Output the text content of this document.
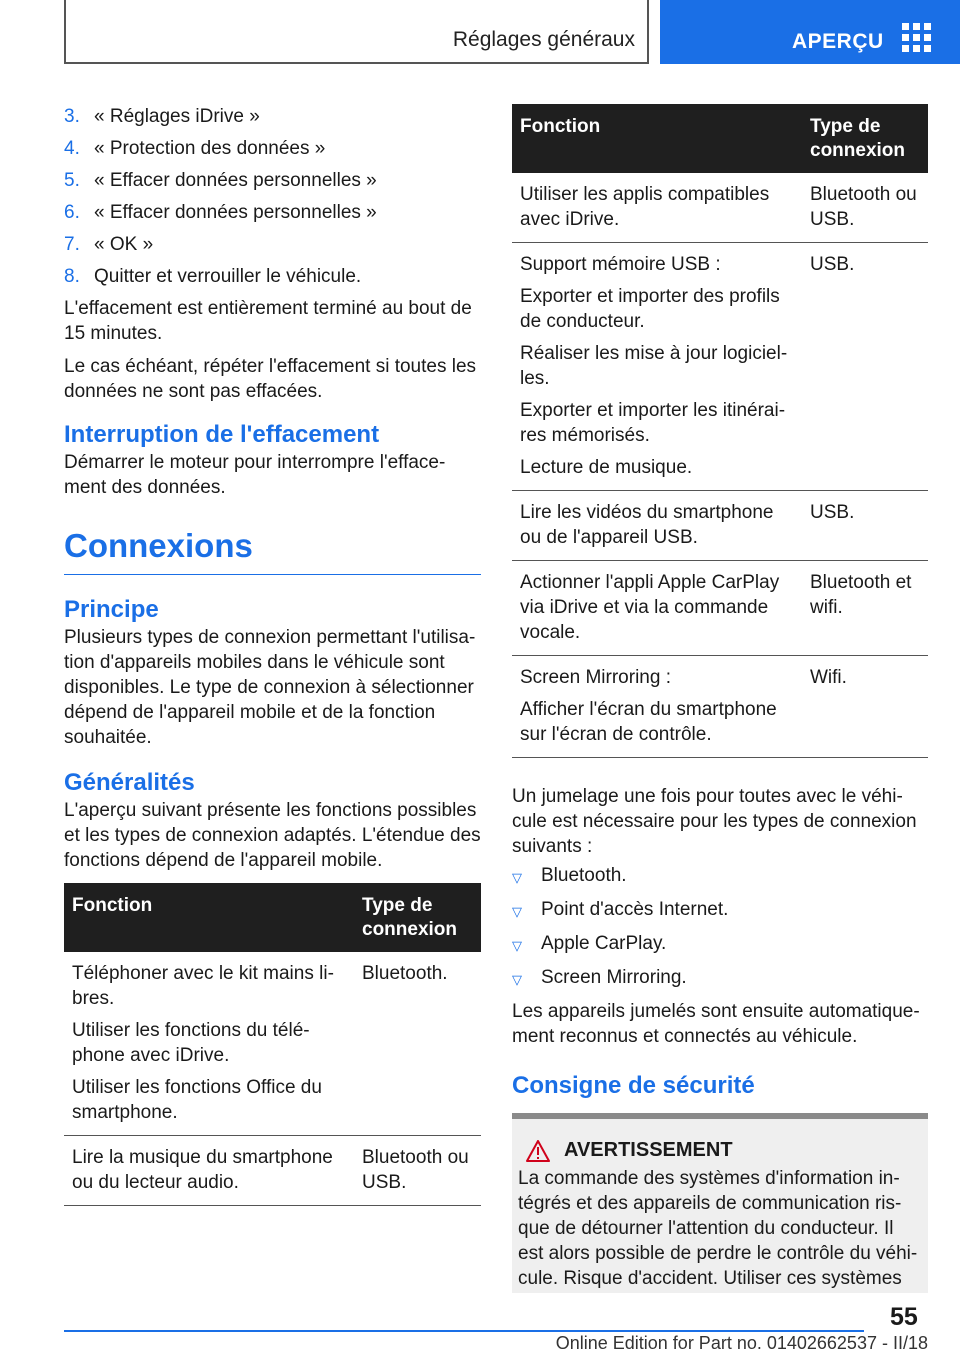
Réglages généraux	APERÇU
3. « Réglages iDrive »
4. « Protection des données »
5. « Effacer données personnelles »
6. « Effacer données personnelles »
7. « OK »
8. Quitter et verrouiller le véhicule.

L'effacement est entièrement terminé au bout de 15 minutes.

Le cas échéant, répéter l'effacement si toutes les données ne sont pas effacées.

Interruption de l'effacement

Démarrer le moteur pour interrompre l'effacement des données.

Connexions
Principe

Plusieurs types de connexion permettant l'utilisation d'appareils mobiles dans le véhicule sont disponibles. Le type de connexion à sélectionner dépend de l'appareil mobile et de la fonction souhaitée.

Généralités

L'aperçu suivant présente les fonctions possibles et les types de connexion adaptés. L'étendue des fonctions dépend de l'appareil mobile.

Fonction	Type de connexion

Téléphoner avec le kit mains libres.
Utiliser les fonctions du téléphone avec iDrive.
Utiliser les fonctions Office du smartphone.	Bluetooth.

Lire la musique du smartphone ou du lecteur audio.	Bluetooth ou USB.
Fonction	Type de connexion

Utiliser les applis compatibles avec iDrive.	Bluetooth ou USB.

Support mémoire USB :
Exporter et importer des profils de conducteur.
Réaliser les mise à jour logicielles.
Exporter et importer les itinéraires mémorisés.
Lecture de musique.	USB.

Lire les vidéos du smartphone ou de l'appareil USB.	USB.

Actionner l'appli Apple CarPlay via iDrive et via la commande vocale.	Bluetooth et wifi.

Screen Mirroring :
Afficher l'écran du smartphone sur l'écran de contrôle.	Wifi.

Un jumelage une fois pour toutes avec le véhicule est nécessaire pour les types de connexion suivants :

▽	Bluetooth.
▽	Point d'accès Internet.
▽	Apple CarPlay.
▽	Screen Mirroring.

Les appareils jumelés sont ensuite automatiquement reconnus et connectés au véhicule.

Consigne de sécurité
AVERTISSEMENT

La commande des systèmes d'information intégrés et des appareils de communication risque de détourner l'attention du conducteur. Il est alors possible de perdre le contrôle du véhicule. Risque d'accident. Utiliser ces systèmes

55
Online Edition for Part no. 01402662537 - II/18
